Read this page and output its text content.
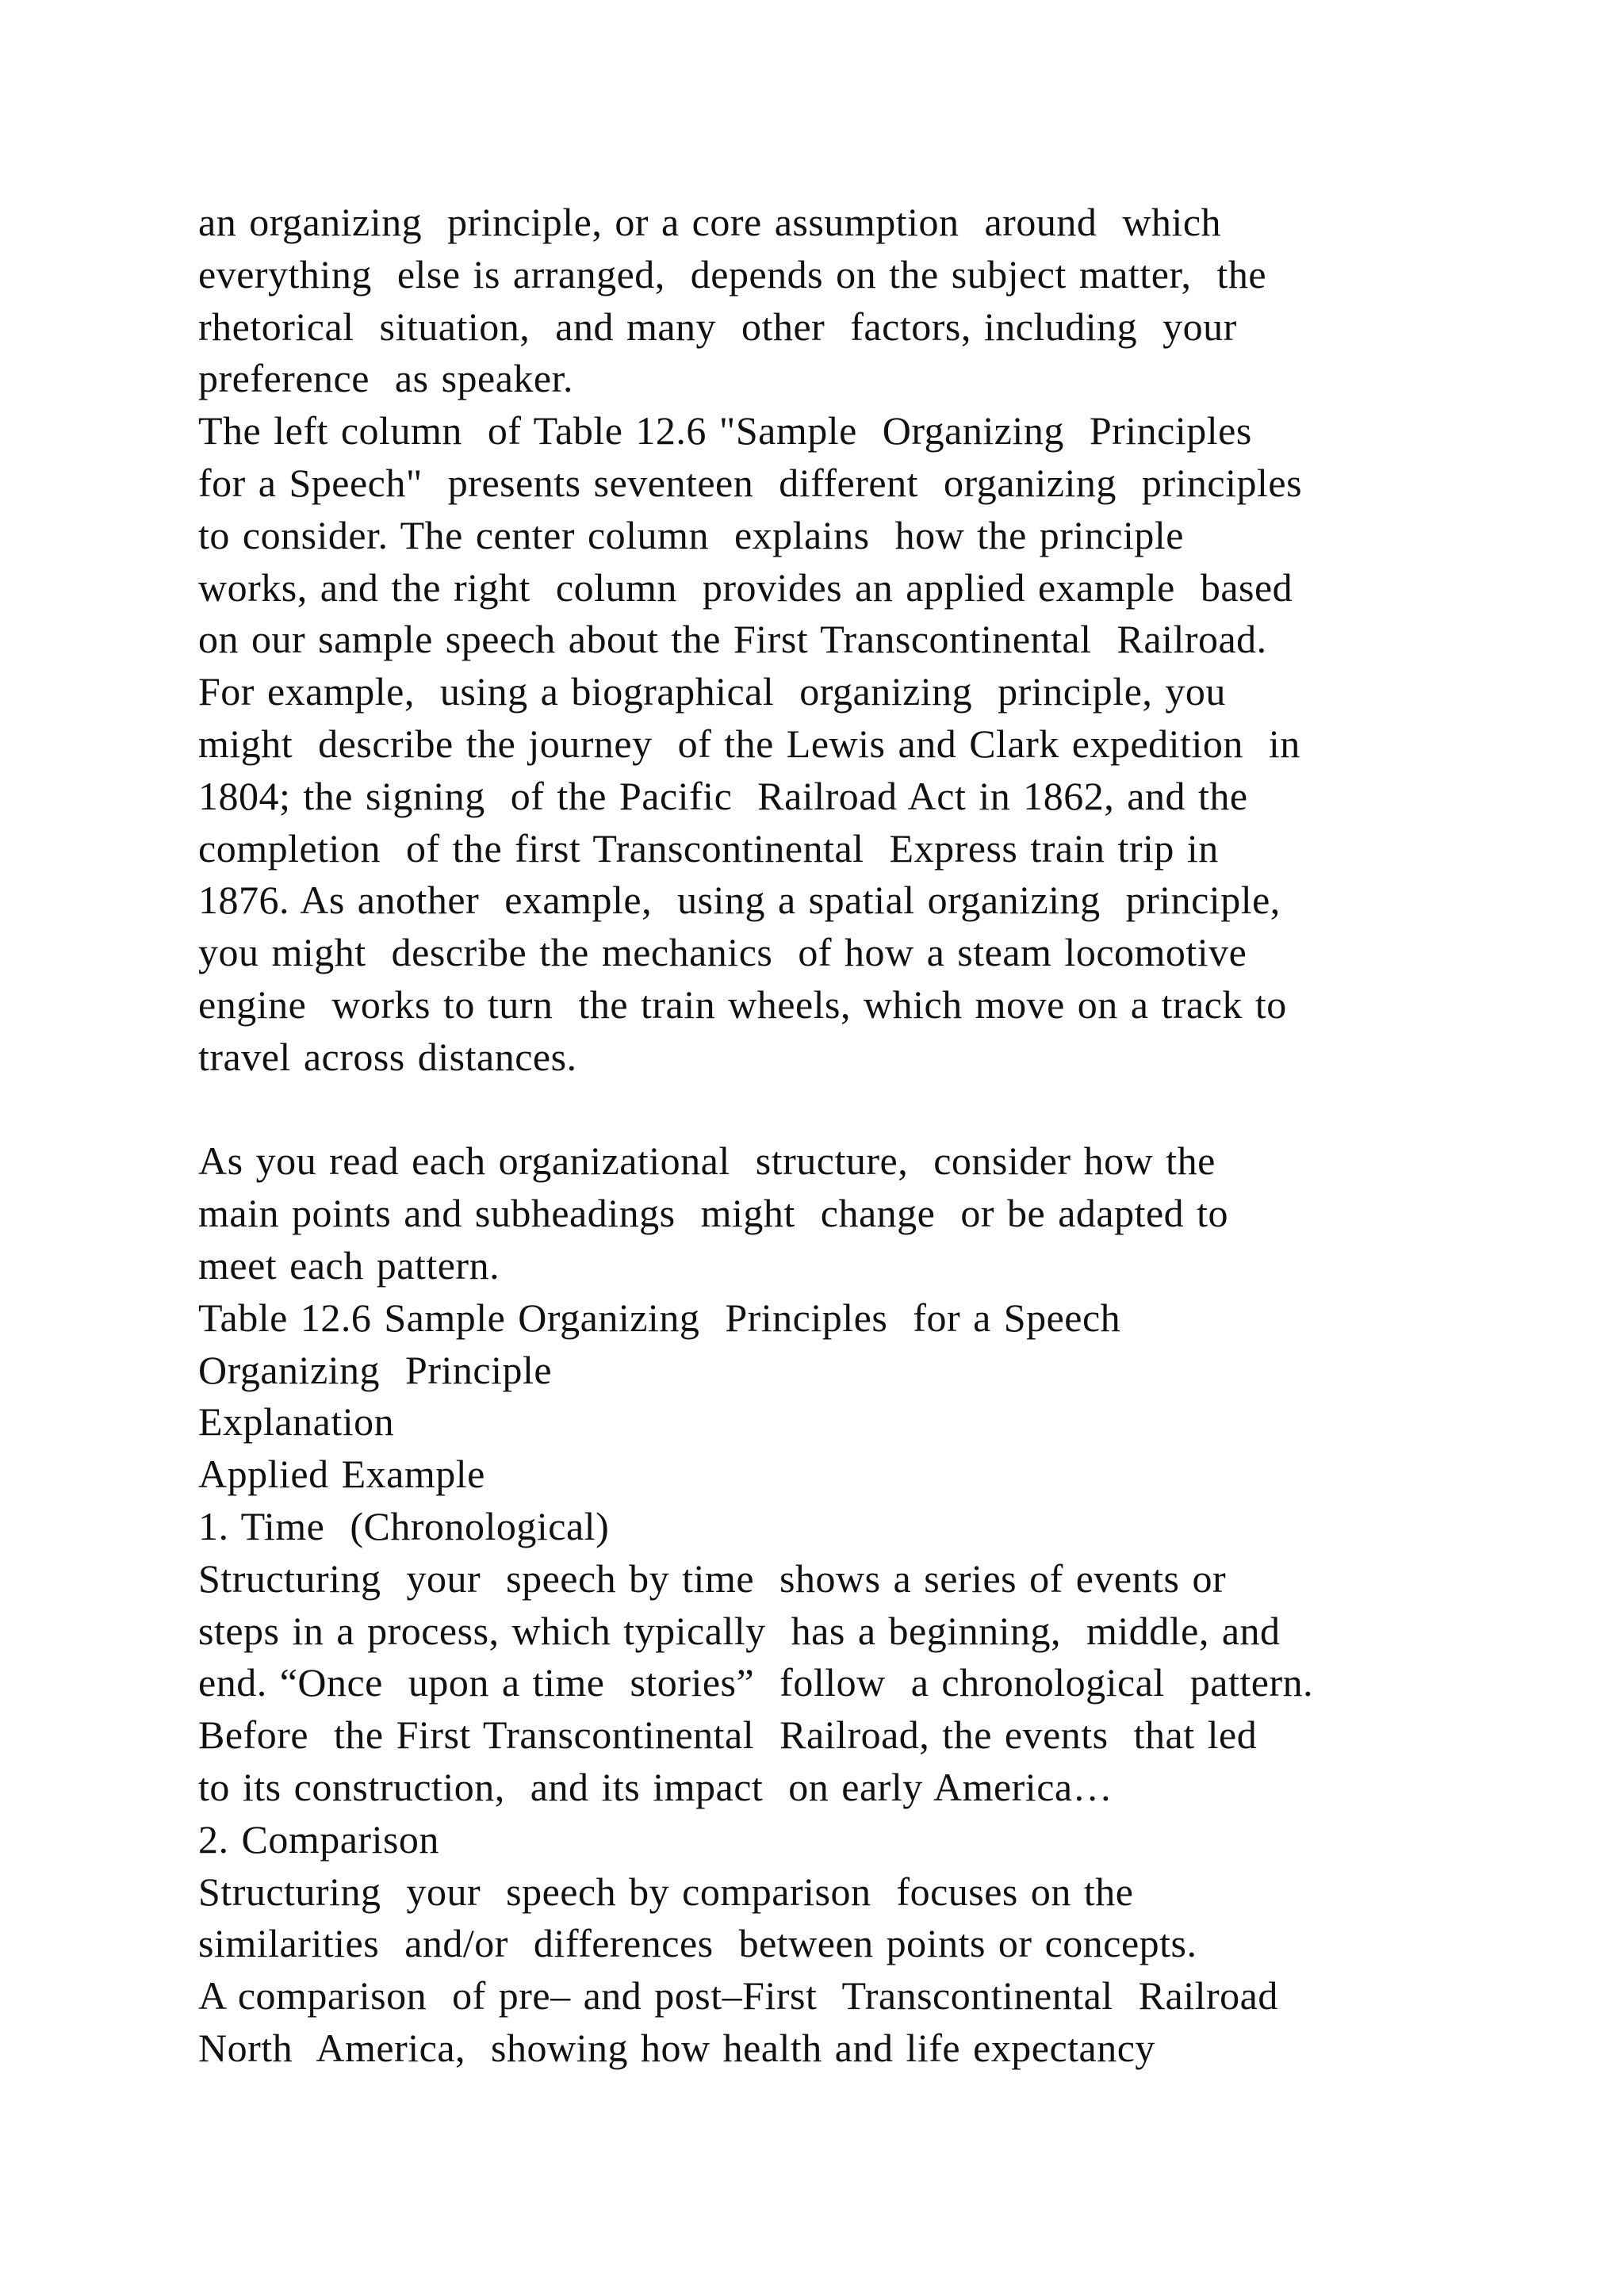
an organizing  principle, or a core assumption  around  which
everything  else is arranged,  depends on the subject matter,  the
rhetorical  situation,  and many  other  factors, including  your
preference  as speaker.
The left column  of Table 12.6 "Sample  Organizing  Principles
for a Speech"  presents seventeen  different  organizing  principles
to consider. The center column  explains  how the principle
works, and the right  column  provides an applied example  based
on our sample speech about the First Transcontinental  Railroad.
For example,  using a biographical  organizing  principle, you
might  describe the journey  of the Lewis and Clark expedition  in
1804; the signing  of the Pacific  Railroad Act in 1862, and the
completion  of the first Transcontinental  Express train trip in
1876. As another  example,  using a spatial organizing  principle,
you might  describe the mechanics  of how a steam locomotive
engine  works to turn  the train wheels, which move on a track to
travel across distances.
As you read each organizational  structure,  consider how the
main points and subheadings  might  change  or be adapted to
meet each pattern.
Table 12.6 Sample Organizing  Principles  for a Speech
Organizing  Principle
Explanation
Applied Example
1. Time  (Chronological)
Structuring  your  speech by time  shows a series of events or
steps in a process, which typically  has a beginning,  middle, and
end. “Once  upon a time  stories”  follow  a chronological  pattern.
Before  the First Transcontinental  Railroad, the events  that led
to its construction,  and its impact  on early America…
2. Comparison
Structuring  your  speech by comparison  focuses on the
similarities  and/or  differences  between points or concepts.
A comparison  of pre– and post–First  Transcontinental  Railroad
North  America,  showing how health and life expectancy
